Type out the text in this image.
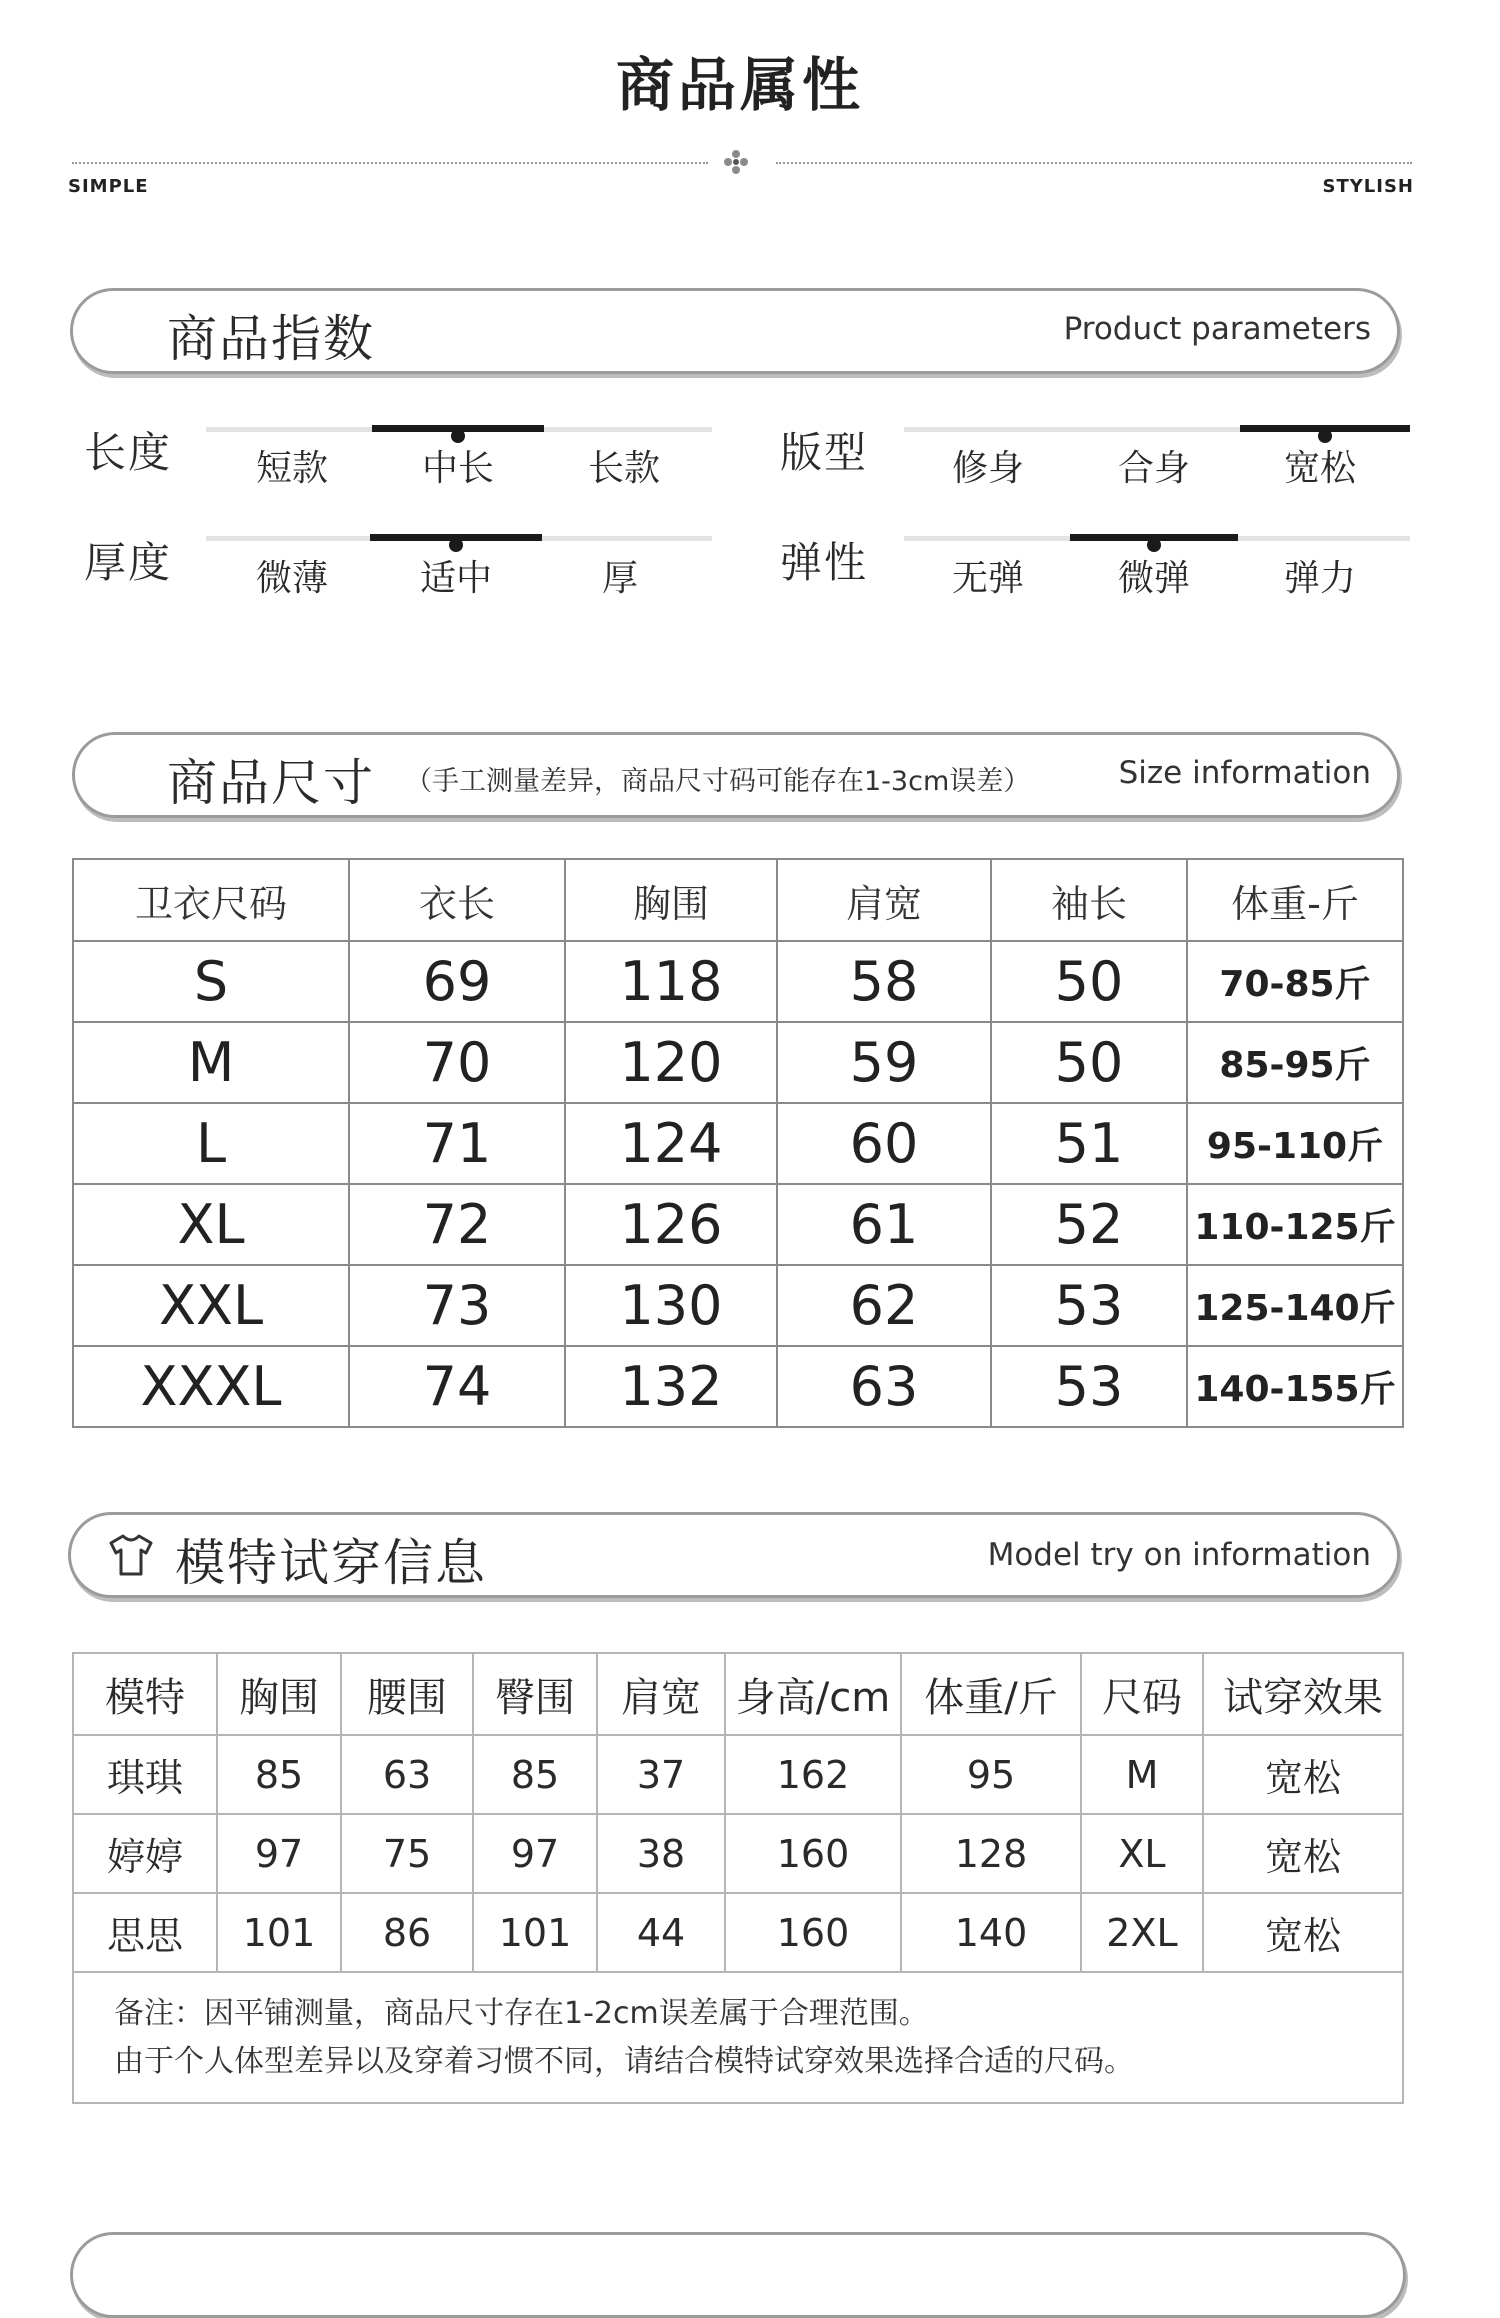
商品属性
SIMPLE	STYLISH
商品指数	Product parameters
长度	短款	中长	长款	版型	修身	合身	宽松
厚度	微薄	适中	厚	弹性	无弹	微弹	弹力
商品尺寸 （手工测量差异，商品尺寸码可能存在1-3cm误差）	Size information
卫衣尺码	衣长	胸围	肩宽	袖长	体重-斤
S	69	118	58	50	70-85斤
M	70	120	59	50	85-95斤
L	71	124	60	51	95-110斤
XL	72	126	61	52	110-125斤
XXL	73	130	62	53	125-140斤
XXXL	74	132	63	53	140-155斤
模特试穿信息	Model try on information
模特	胸围	腰围	臀围	肩宽	身高/cm	体重/斤	尺码	试穿效果
琪琪	85	63	85	37	162	95	M	宽松
婷婷	97	75	97	38	160	128	XL	宽松
思思	101	86	101	44	160	140	2XL	宽松

备注：因平铺测量，商品尺寸存在1-2cm误差属于合理范围。
由于个人体型差异以及穿着习惯不同，请结合模特试穿效果选择合适的尺码。								
